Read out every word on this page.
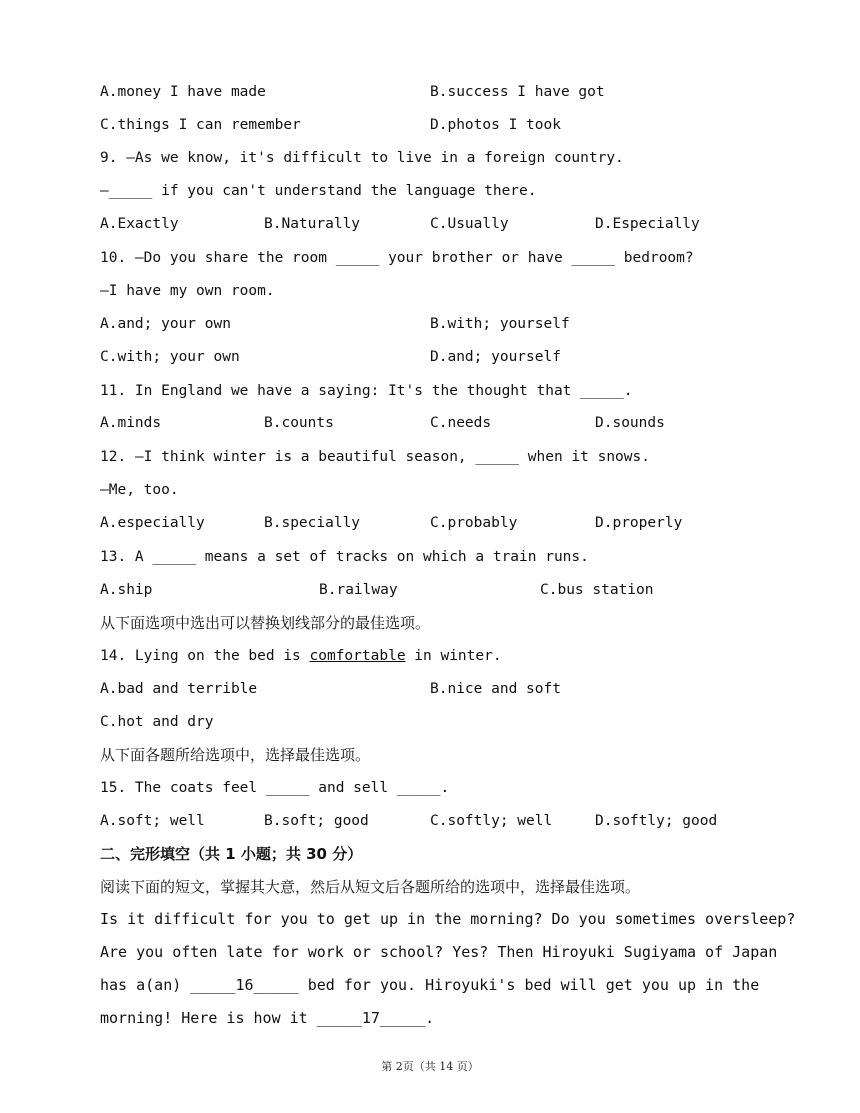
A.money I have made	B.success I have got
C.things I can remember	D.photos I took
9. —As we know, it's difficult to live in a foreign country.
—_____ if you can't understand the language there.
A.Exactly	B.Naturally	C.Usually	D.Especially
10. —Do you share the room _____ your brother or have _____ bedroom?
—I have my own room.
A.and; your own	B.with; yourself
C.with; your own	D.and; yourself
11. In England we have a saying: It's the thought that _____.
A.minds	B.counts	C.needs	D.sounds
12. —I think winter is a beautiful season, _____ when it snows.
—Me, too.
A.especially	B.specially	C.probably	D.properly
13. A _____ means a set of tracks on which a train runs.
A.ship	B.railway	C.bus station
从下面选项中选出可以替换划线部分的最佳选项。
14. Lying on the bed is comfortable in winter.
A.bad and terrible	B.nice and soft
C.hot and dry
从下面各题所给选项中，选择最佳选项。
15. The coats feel _____ and sell _____.
A.soft; well	B.soft; good	C.softly; well	D.softly; good
二、完形填空（共 1 小题；共 30 分）
阅读下面的短文，掌握其大意，然后从短文后各题所给的选项中，选择最佳选项。
Is it difficult for you to get up in the morning? Do you sometimes oversleep?
Are you often late for work or school? Yes? Then Hiroyuki Sugiyama of Japan
has a(an) _____16_____ bed for you. Hiroyuki's bed will get you up in the
morning! Here is how it _____17_____.
第 2页（共 14 页）
